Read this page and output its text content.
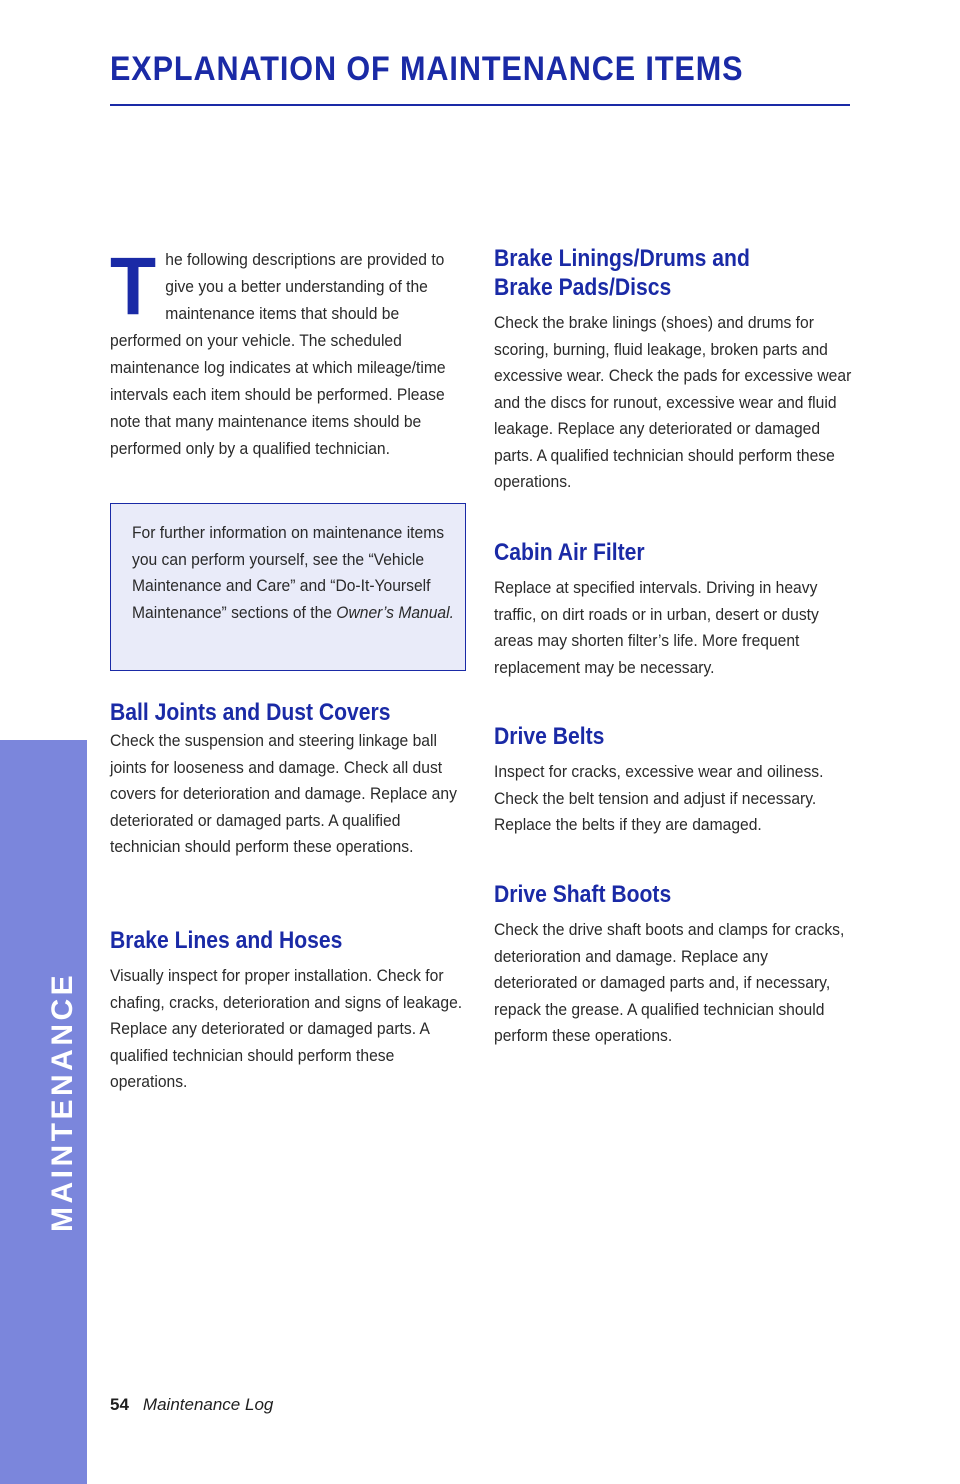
EXPLANATION OF MAINTENANCE ITEMS
MAINTENANCE
The following descriptions are provided to give you a better understanding of the maintenance items that should be performed on your vehicle. The scheduled maintenance log indicates at which mileage/time intervals each item should be performed. Please note that many maintenance items should be performed only by a qualified technician.
For further information on maintenance items you can perform yourself, see the “Vehicle Maintenance and Care” and “Do-It-Yourself Maintenance” sections of the Owner’s Manual.
Ball Joints and Dust Covers

Check the suspension and steering linkage ball joints for looseness and damage. Check all dust covers for deterioration and damage. Replace any deteriorated or damaged parts. A qualified technician should perform these operations.

Brake Lines and Hoses

Visually inspect for proper installation. Check for chafing, cracks, deterioration and signs of leakage. Replace any deteriorated or damaged parts. A qualified technician should perform these operations.

Brake Linings/Drums and
Brake Pads/Discs

Check the brake linings (shoes) and drums for scoring, burning, fluid leakage, broken parts and excessive wear. Check the pads for excessive wear and the discs for runout, excessive wear and fluid leakage. Replace any deteriorated or damaged parts. A qualified technician should perform these operations.

Cabin Air Filter

Replace at specified intervals. Driving in heavy traffic, on dirt roads or in urban, desert or dusty areas may shorten filter’s life. More frequent replacement may be necessary.

Drive Belts

Inspect for cracks, excessive wear and oiliness. Check the belt tension and adjust if necessary. Replace the belts if they are damaged.

Drive Shaft Boots

Check the drive shaft boots and clamps for cracks, deterioration and damage. Replace any deteriorated or damaged parts and, if necessary, repack the grease. A qualified technician should perform these operations.

54 Maintenance Log
